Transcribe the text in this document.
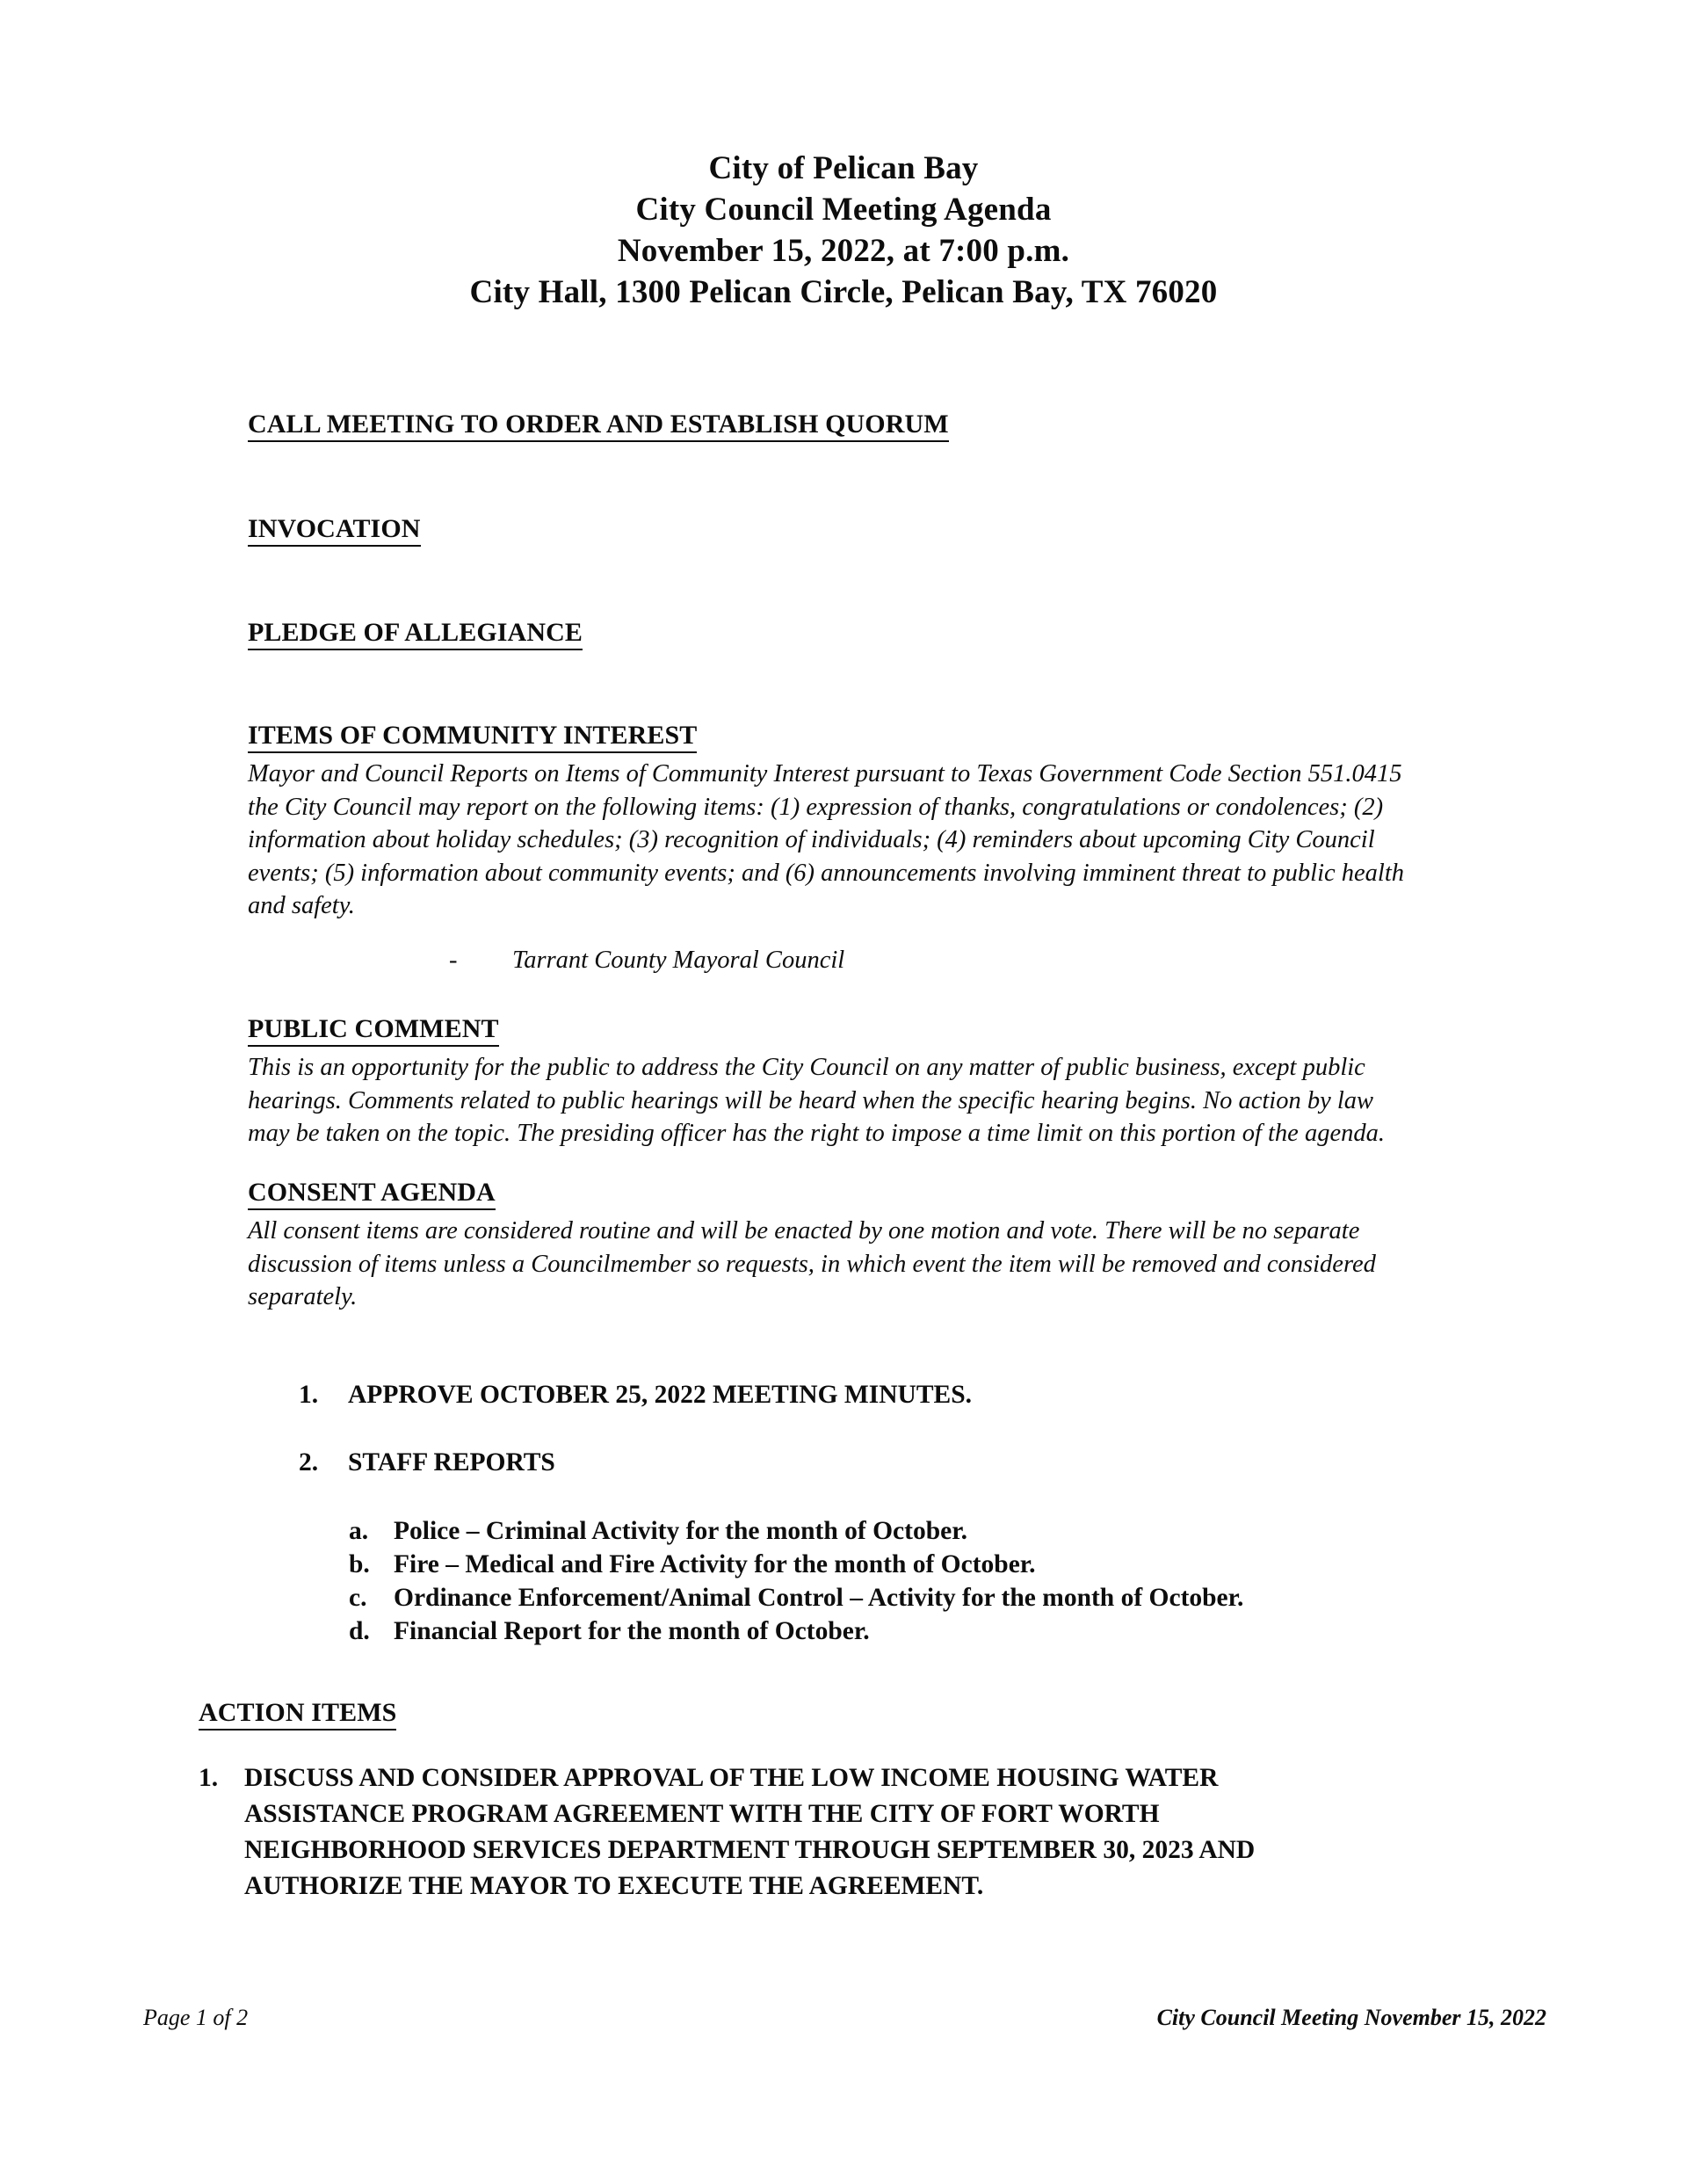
City of Pelican Bay
City Council Meeting Agenda
November 15, 2022, at 7:00 p.m.
City Hall, 1300 Pelican Circle, Pelican Bay, TX 76020
CALL MEETING TO ORDER AND ESTABLISH QUORUM
INVOCATION
PLEDGE OF ALLEGIANCE
ITEMS OF COMMUNITY INTEREST

Mayor and Council Reports on Items of Community Interest pursuant to Texas Government Code Section 551.0415

the City Council may report on the following items: (1) expression of thanks, congratulations or condolences; (2)

information about holiday schedules; (3) recognition of individuals; (4) reminders about upcoming City Council

events; (5) information about community events; and (6) announcements involving imminent threat to public health

and safety.

-	Tarrant County Mayoral Council
PUBLIC COMMENT

This is an opportunity for the public to address the City Council on any matter of public business, except public

hearings. Comments related to public hearings will be heard when the specific hearing begins. No action by law

may be taken on the topic. The presiding officer has the right to impose a time limit on this portion of the agenda.

CONSENT AGENDA

All consent items are considered routine and will be enacted by one motion and vote. There will be no separate

discussion of items unless a Councilmember so requests, in which event the item will be removed and considered

separately.

1.	APPROVE OCTOBER 25, 2022 MEETING MINUTES.
2.	STAFF REPORTS
a. Police – Criminal Activity for the month of October.
b. Fire – Medical and Fire Activity for the month of October.
c.	Ordinance Enforcement/Animal Control – Activity for the month of October.
d. Financial Report for the month of October.
ACTION ITEMS
1.	DISCUSS AND CONSIDER APPROVAL OF THE LOW INCOME HOUSING WATER
ASSISTANCE PROGRAM AGREEMENT WITH THE CITY OF FORT WORTH
NEIGHBORHOOD SERVICES DEPARTMENT THROUGH SEPTEMBER 30, 2023 AND
AUTHORIZE THE MAYOR TO EXECUTE THE AGREEMENT.
Page 1 of 2	City Council Meeting November 15, 2022
